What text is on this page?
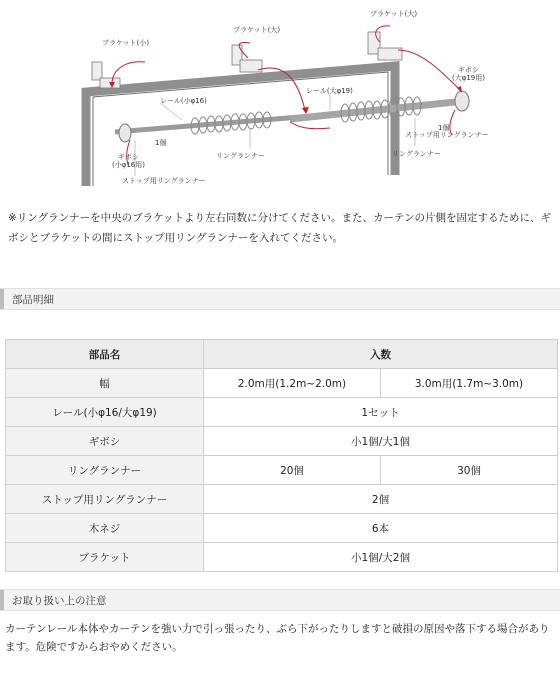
ブラケット(小)
ブラケット(大)
ブラケット(大)
ギボシ
(大φ19用)
レール(小φ16)
レール(大φ19)
1個
1個
ギボシ
(小φ16用)
リングランナー	リングランナー
ストップ用リングランナー
ストップ用リングランナー
※リングランナーを中央のブラケットより左右同数に分けてください。また、カーテンの片側を固定するために、ギボシとブラケットの間にストップ用リングランナーを入れてください。
部品明細
部品名	入数	
幅	2.0m用(1.2m~2.0m)	3.0m用(1.7m~3.0m)
レール(小φ16/大φ19)	1セット	
ギボシ	小1個/大1個	
リングランナー	20個	30個
ストップ用リングランナー	2個	
木ネジ	6本	
ブラケット	小1個/大2個	
お取り扱い上の注意
カーテンレール本体やカーテンを強い力で引っ張ったり、ぶら下がったりしますと破損の原因や落下する場合があります。危険ですからおやめください。
